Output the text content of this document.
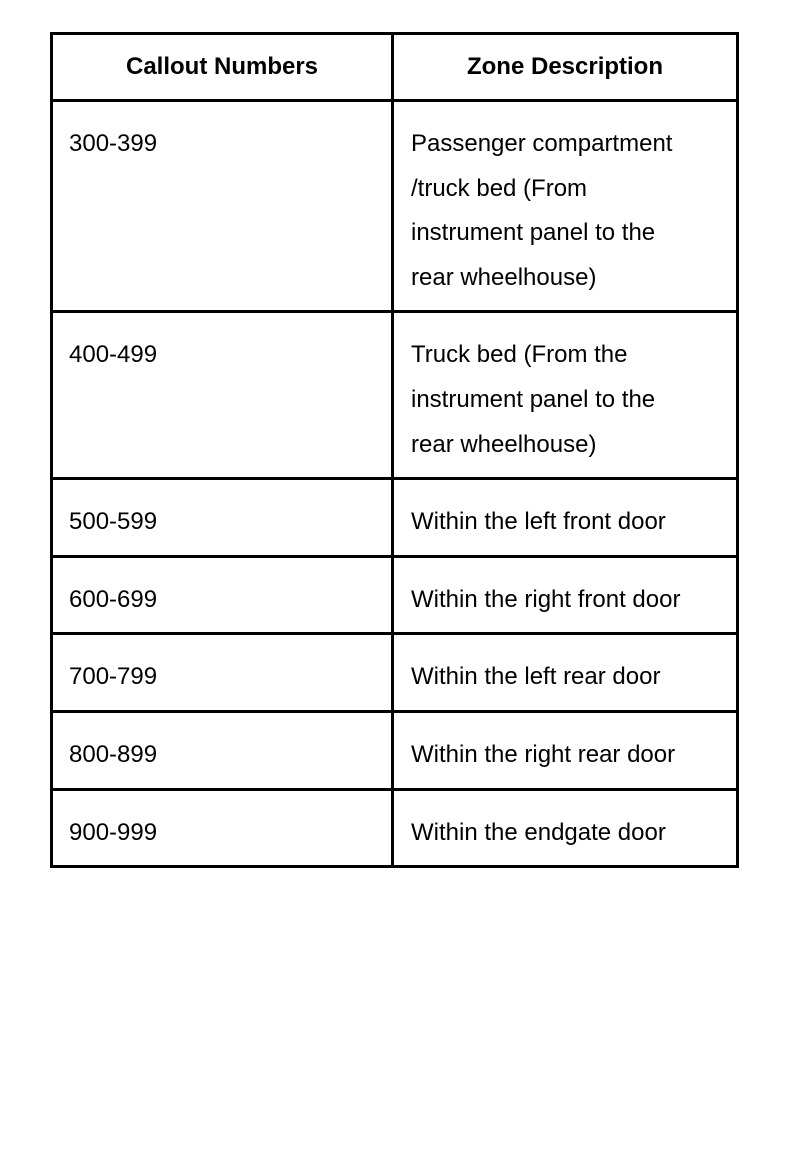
Callout Numbers	Zone Description
300-399	Passenger compartment /truck bed (From instrument panel to the rear wheelhouse)
400-499	Truck bed (From the instrument panel to the rear wheelhouse)
500-599	Within the left front door
600-699	Within the right front door
700-799	Within the left rear door
800-899	Within the right rear door
900-999	Within the endgate door
